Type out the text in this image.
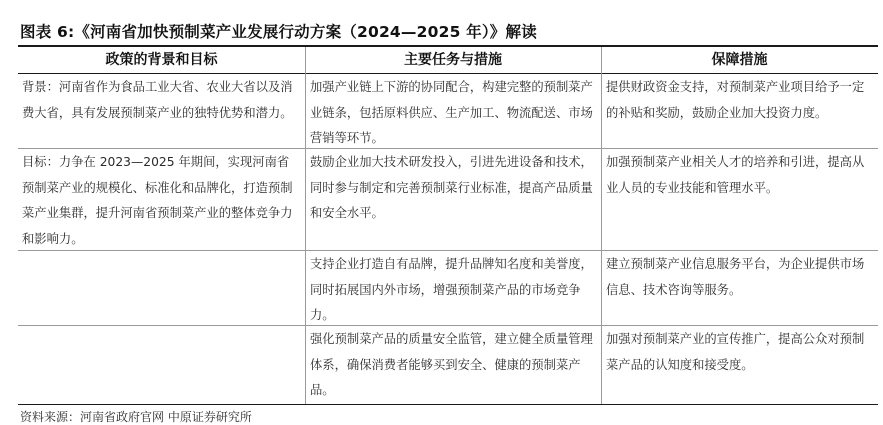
图表 6:《河南省加快预制菜产业发展行动方案（2024—2025 年）》解读
政策的背景和目标	主要任务与措施	保障措施
背景：河南省作为食品工业大省、农业大省以及消费大省，具有发展预制菜产业的独特优势和潜力。
加强产业链上下游的协同配合，构建完整的预制菜产业链条，包括原料供应、生产加工、物流配送、市场营销等环节。
提供财政资金支持，对预制菜产业项目给予一定的补贴和奖励，鼓励企业加大投资力度。
目标：力争在 2023—2025 年期间，实现河南省预制菜产业的规模化、标准化和品牌化，打造预制菜产业集群，提升河南省预制菜产业的整体竞争力和影响力。
鼓励企业加大技术研发投入，引进先进设备和技术，同时参与制定和完善预制菜行业标准，提高产品质量和安全水平。
加强预制菜产业相关人才的培养和引进，提高从业人员的专业技能和管理水平。
支持企业打造自有品牌，提升品牌知名度和美誉度，同时拓展国内外市场，增强预制菜产品的市场竞争力。
建立预制菜产业信息服务平台，为企业提供市场信息、技术咨询等服务。
强化预制菜产品的质量安全监管，建立健全质量管理体系，确保消费者能够买到安全、健康的预制菜产品。
加强对预制菜产业的宣传推广，提高公众对预制菜产品的认知度和接受度。
资料来源：河南省政府官网 中原证券研究所
